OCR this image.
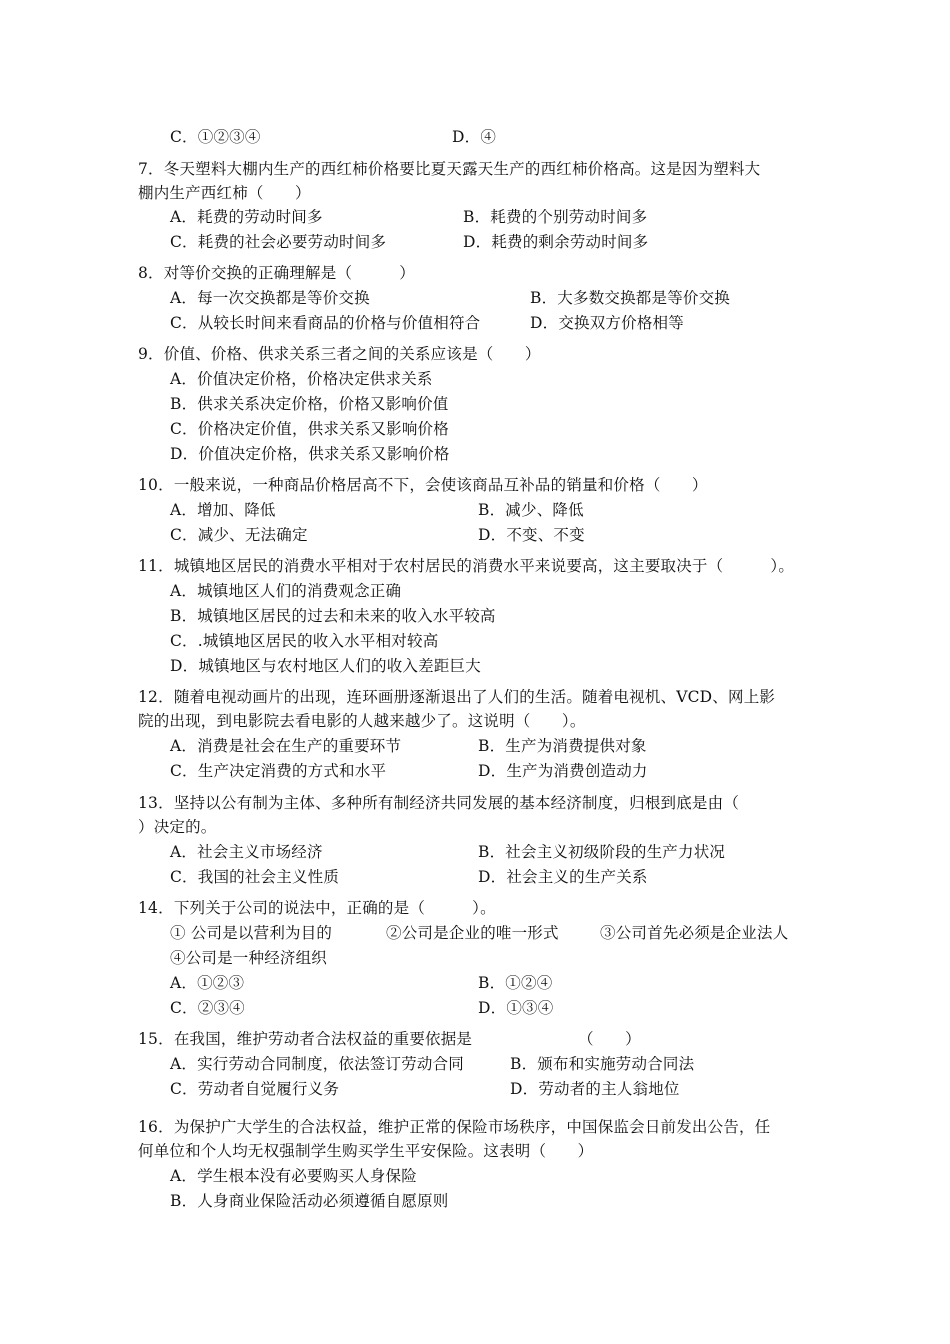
C．①②③④	D．④
7．冬天塑料大棚内生产的西红柿价格要比夏天露天生产的西红柿价格高。这是因为塑料大
棚内生产西红柿（　　）
A．耗费的劳动时间多	B．耗费的个别劳动时间多
C．耗费的社会必要劳动时间多	D．耗费的剩余劳动时间多
8．对等价交换的正确理解是（　　　）
A．每一次交换都是等价交换	B．大多数交换都是等价交换
C．从较长时间来看商品的价格与价值相符合	D．交换双方价格相等
9．价值、价格、供求关系三者之间的关系应该是（　　）
A．价值决定价格，价格决定供求关系
B．供求关系决定价格，价格又影响价值
C．价格决定价值，供求关系又影响价格
D．价值决定价格，供求关系又影响价格
10．一般来说，一种商品价格居高不下，会使该商品互补品的销量和价格（　　）
A．增加、降低	B．减少、降低
C．减少、无法确定	D．不变、不变
11．城镇地区居民的消费水平相对于农村居民的消费水平来说要高，这主要取决于（　　　）。
A．城镇地区人们的消费观念正确
B．城镇地区居民的过去和未来的收入水平较高
C．.城镇地区居民的收入水平相对较高
D．城镇地区与农村地区人们的收入差距巨大
12．随着电视动画片的出现，连环画册逐渐退出了人们的生活。随着电视机、VCD、网上影
院的出现，到电影院去看电影的人越来越少了。这说明（　　）。
A．消费是社会在生产的重要环节	B．生产为消费提供对象
C．生产决定消费的方式和水平	D．生产为消费创造动力
13．坚持以公有制为主体、多种所有制经济共同发展的基本经济制度，归根到底是由（
）决定的。
A．社会主义市场经济	B．社会主义初级阶段的生产力状况
C．我国的社会主义性质	D．社会主义的生产关系
14．下列关于公司的说法中，正确的是（　　　）。
① 公司是以营利为目的	②公司是企业的唯一形式	③公司首先必须是企业法人
④公司是一种经济组织
A．①②③	B．①②④
C．②③④	D．①③④
15．在我国，维护劳动者合法权益的重要依据是	（　　）
A．实行劳动合同制度，依法签订劳动合同	B．颁布和实施劳动合同法
C．劳动者自觉履行义务	D．劳动者的主人翁地位
16．为保护广大学生的合法权益，维护正常的保险市场秩序，中国保监会日前发出公告，任
何单位和个人均无权强制学生购买学生平安保险。这表明（　　）
A．学生根本没有必要购买人身保险
B．人身商业保险活动必须遵循自愿原则
